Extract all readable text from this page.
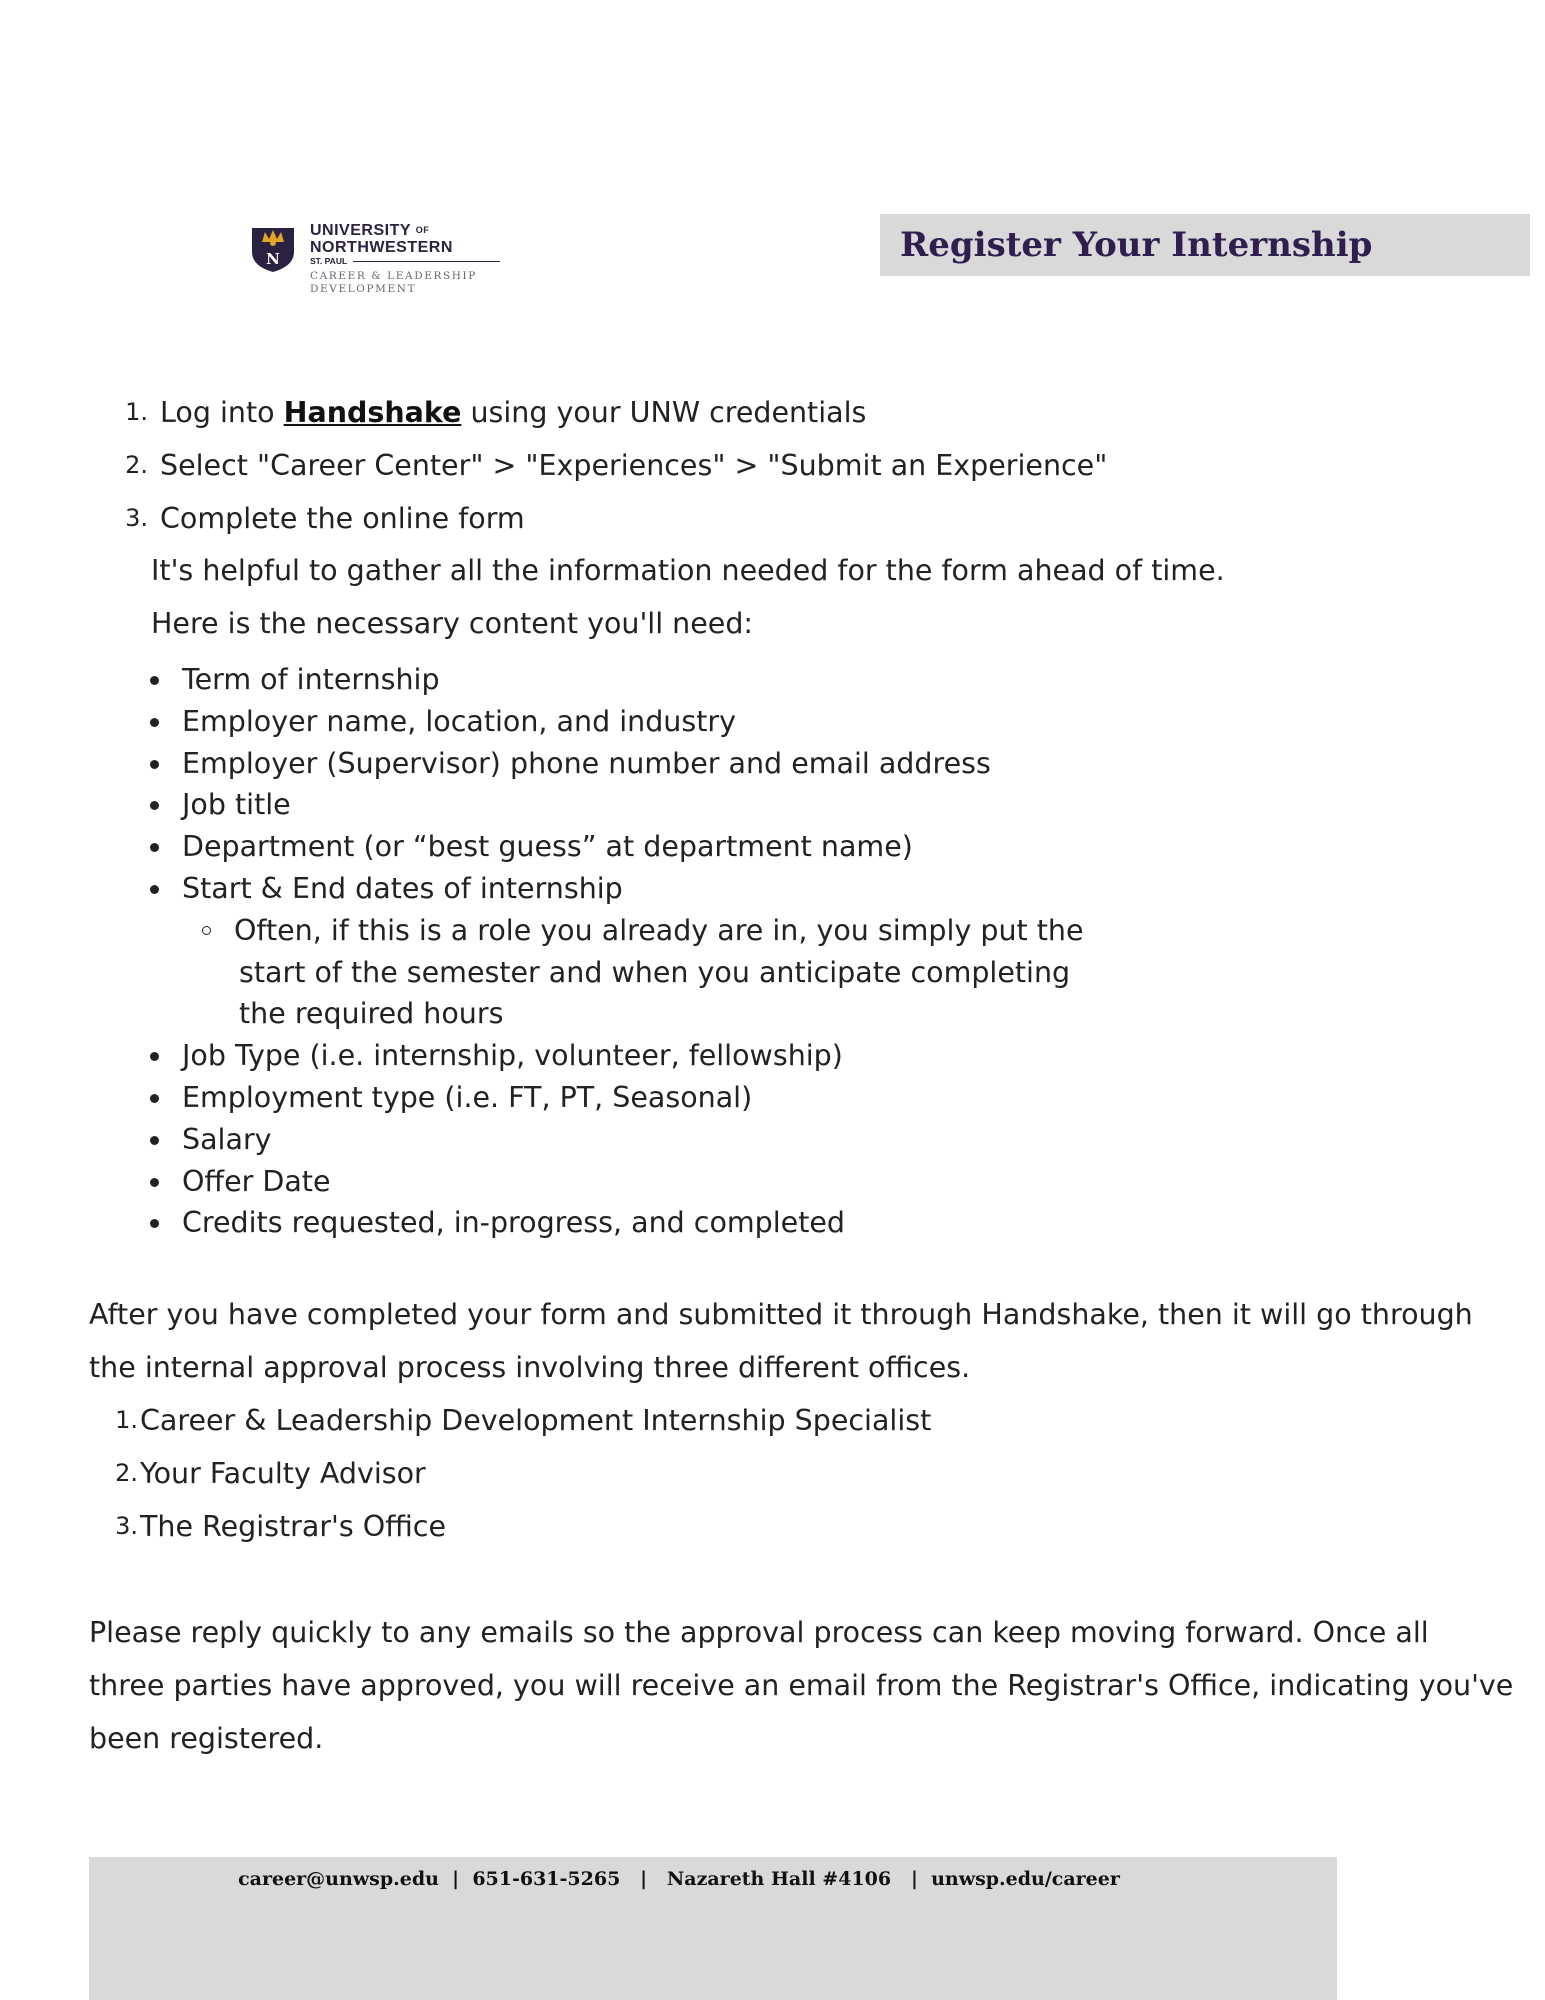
N
UNIVERSITY $^{OF}$
NORTHWESTERN
ST. PAUL
CAREER & LEADERSHIP
DEVELOPMENT
Register Your Internship
1. Log into Handshake using your UNW credentials
2. Select "Career Center" > "Experiences" > "Submit an Experience"
3. Complete the online form
It's helpful to gather all the information needed for the form ahead of time.
Here is the necessary content you'll need:
Term of internship
Employer name, location, and industry
Employer (Supervisor) phone number and email address
Job title
Department (or “best guess” at department name)
Start & End dates of internship
Often, if this is a role you already are in, you simply put the
start of the semester and when you anticipate completing
the required hours
Job Type (i.e. internship, volunteer, fellowship)
Employment type (i.e. FT, PT, Seasonal)
Salary
Offer Date
Credits requested, in-progress, and completed
After you have completed your form and submitted it through Handshake, then it will go through
the internal approval process involving three different offices.
1. Career & Leadership Development Internship Specialist
2. Your Faculty Advisor
3. The Registrar's Office
Please reply quickly to any emails so the approval process can keep moving forward. Once all
three parties have approved, you will receive an email from the Registrar's Office, indicating you've
been registered.
career@unwsp.edu  |  651-631-5265   |   Nazareth Hall #4106   |  unwsp.edu/career
